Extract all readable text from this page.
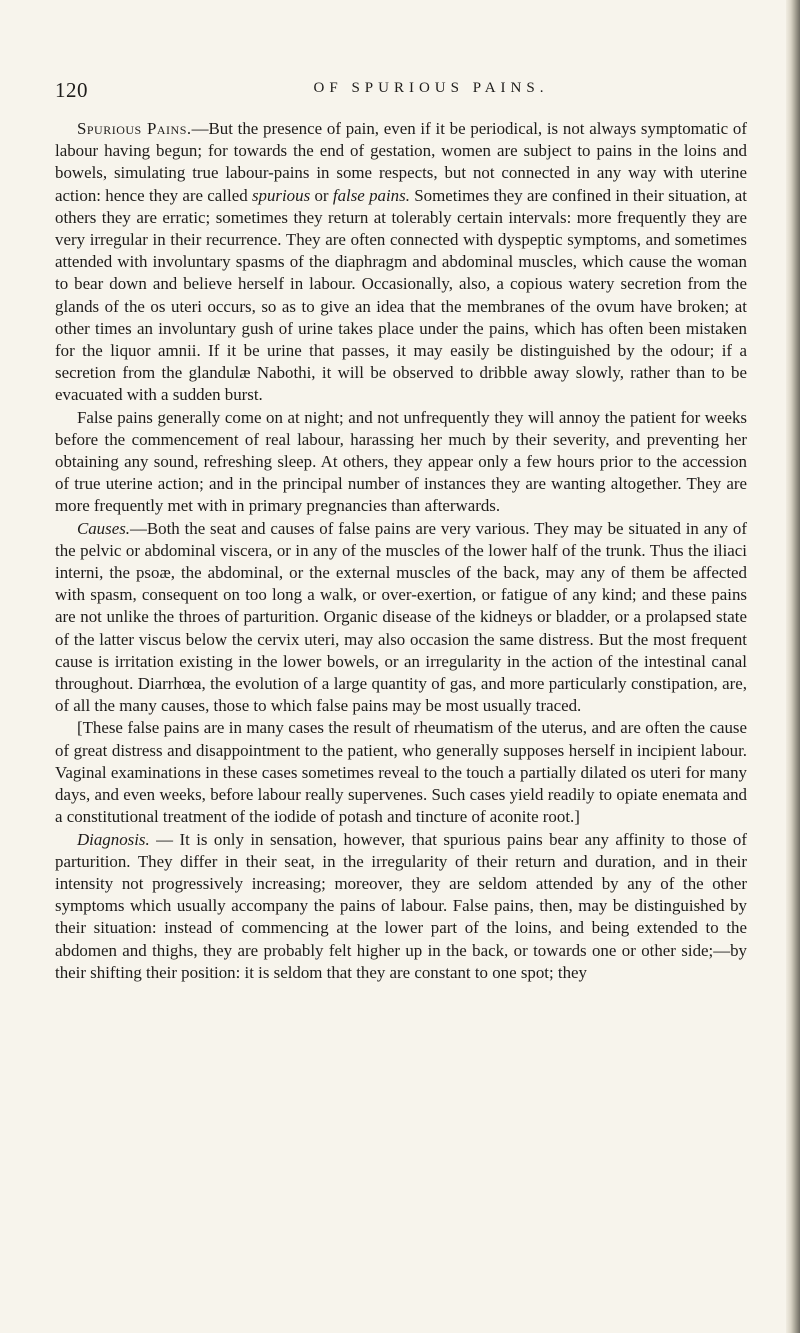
120	OF SPURIOUS PAINS.

Spurious Pains.—But the presence of pain, even if it be periodical, is not always symptomatic of labour having begun; for towards the end of gestation, women are subject to pains in the loins and bowels, simulating true labour-pains in some respects, but not connected in any way with uterine action: hence they are called spurious or false pains. Sometimes they are confined in their situation, at others they are erratic; sometimes they return at tolerably certain intervals: more frequently they are very irregular in their recurrence. They are often connected with dyspeptic symptoms, and sometimes attended with involuntary spasms of the diaphragm and abdominal muscles, which cause the woman to bear down and believe herself in labour. Occasionally, also, a copious watery secretion from the glands of the os uteri occurs, so as to give an idea that the membranes of the ovum have broken; at other times an involuntary gush of urine takes place under the pains, which has often been mistaken for the liquor amnii. If it be urine that passes, it may easily be distinguished by the odour; if a secretion from the glandulæ Nabothi, it will be observed to dribble away slowly, rather than to be evacuated with a sudden burst.

False pains generally come on at night; and not unfrequently they will annoy the patient for weeks before the commencement of real labour, harassing her much by their severity, and preventing her obtaining any sound, refreshing sleep. At others, they appear only a few hours prior to the accession of true uterine action; and in the principal number of instances they are wanting altogether. They are more frequently met with in primary pregnancies than afterwards.

Causes.—Both the seat and causes of false pains are very various. They may be situated in any of the pelvic or abdominal viscera, or in any of the muscles of the lower half of the trunk. Thus the iliaci interni, the psoæ, the abdominal, or the external muscles of the back, may any of them be affected with spasm, consequent on too long a walk, or over-exertion, or fatigue of any kind; and these pains are not unlike the throes of parturition. Organic disease of the kidneys or bladder, or a prolapsed state of the latter viscus below the cervix uteri, may also occasion the same distress. But the most frequent cause is irritation existing in the lower bowels, or an irregularity in the action of the intestinal canal throughout. Diarrhœa, the evolution of a large quantity of gas, and more particularly constipation, are, of all the many causes, those to which false pains may be most usually traced.

[These false pains are in many cases the result of rheumatism of the uterus, and are often the cause of great distress and disappointment to the patient, who generally supposes herself in incipient labour. Vaginal examinations in these cases sometimes reveal to the touch a partially dilated os uteri for many days, and even weeks, before labour really supervenes. Such cases yield readily to opiate enemata and a constitutional treatment of the iodide of potash and tincture of aconite root.]

Diagnosis. — It is only in sensation, however, that spurious pains bear any affinity to those of parturition. They differ in their seat, in the irregularity of their return and duration, and in their intensity not progressively increasing; moreover, they are seldom attended by any of the other symptoms which usually accompany the pains of labour. False pains, then, may be distinguished by their situation: instead of commencing at the lower part of the loins, and being extended to the abdomen and thighs, they are probably felt higher up in the back, or towards one or other side;—by their shifting their position: it is seldom that they are constant to one spot; they
